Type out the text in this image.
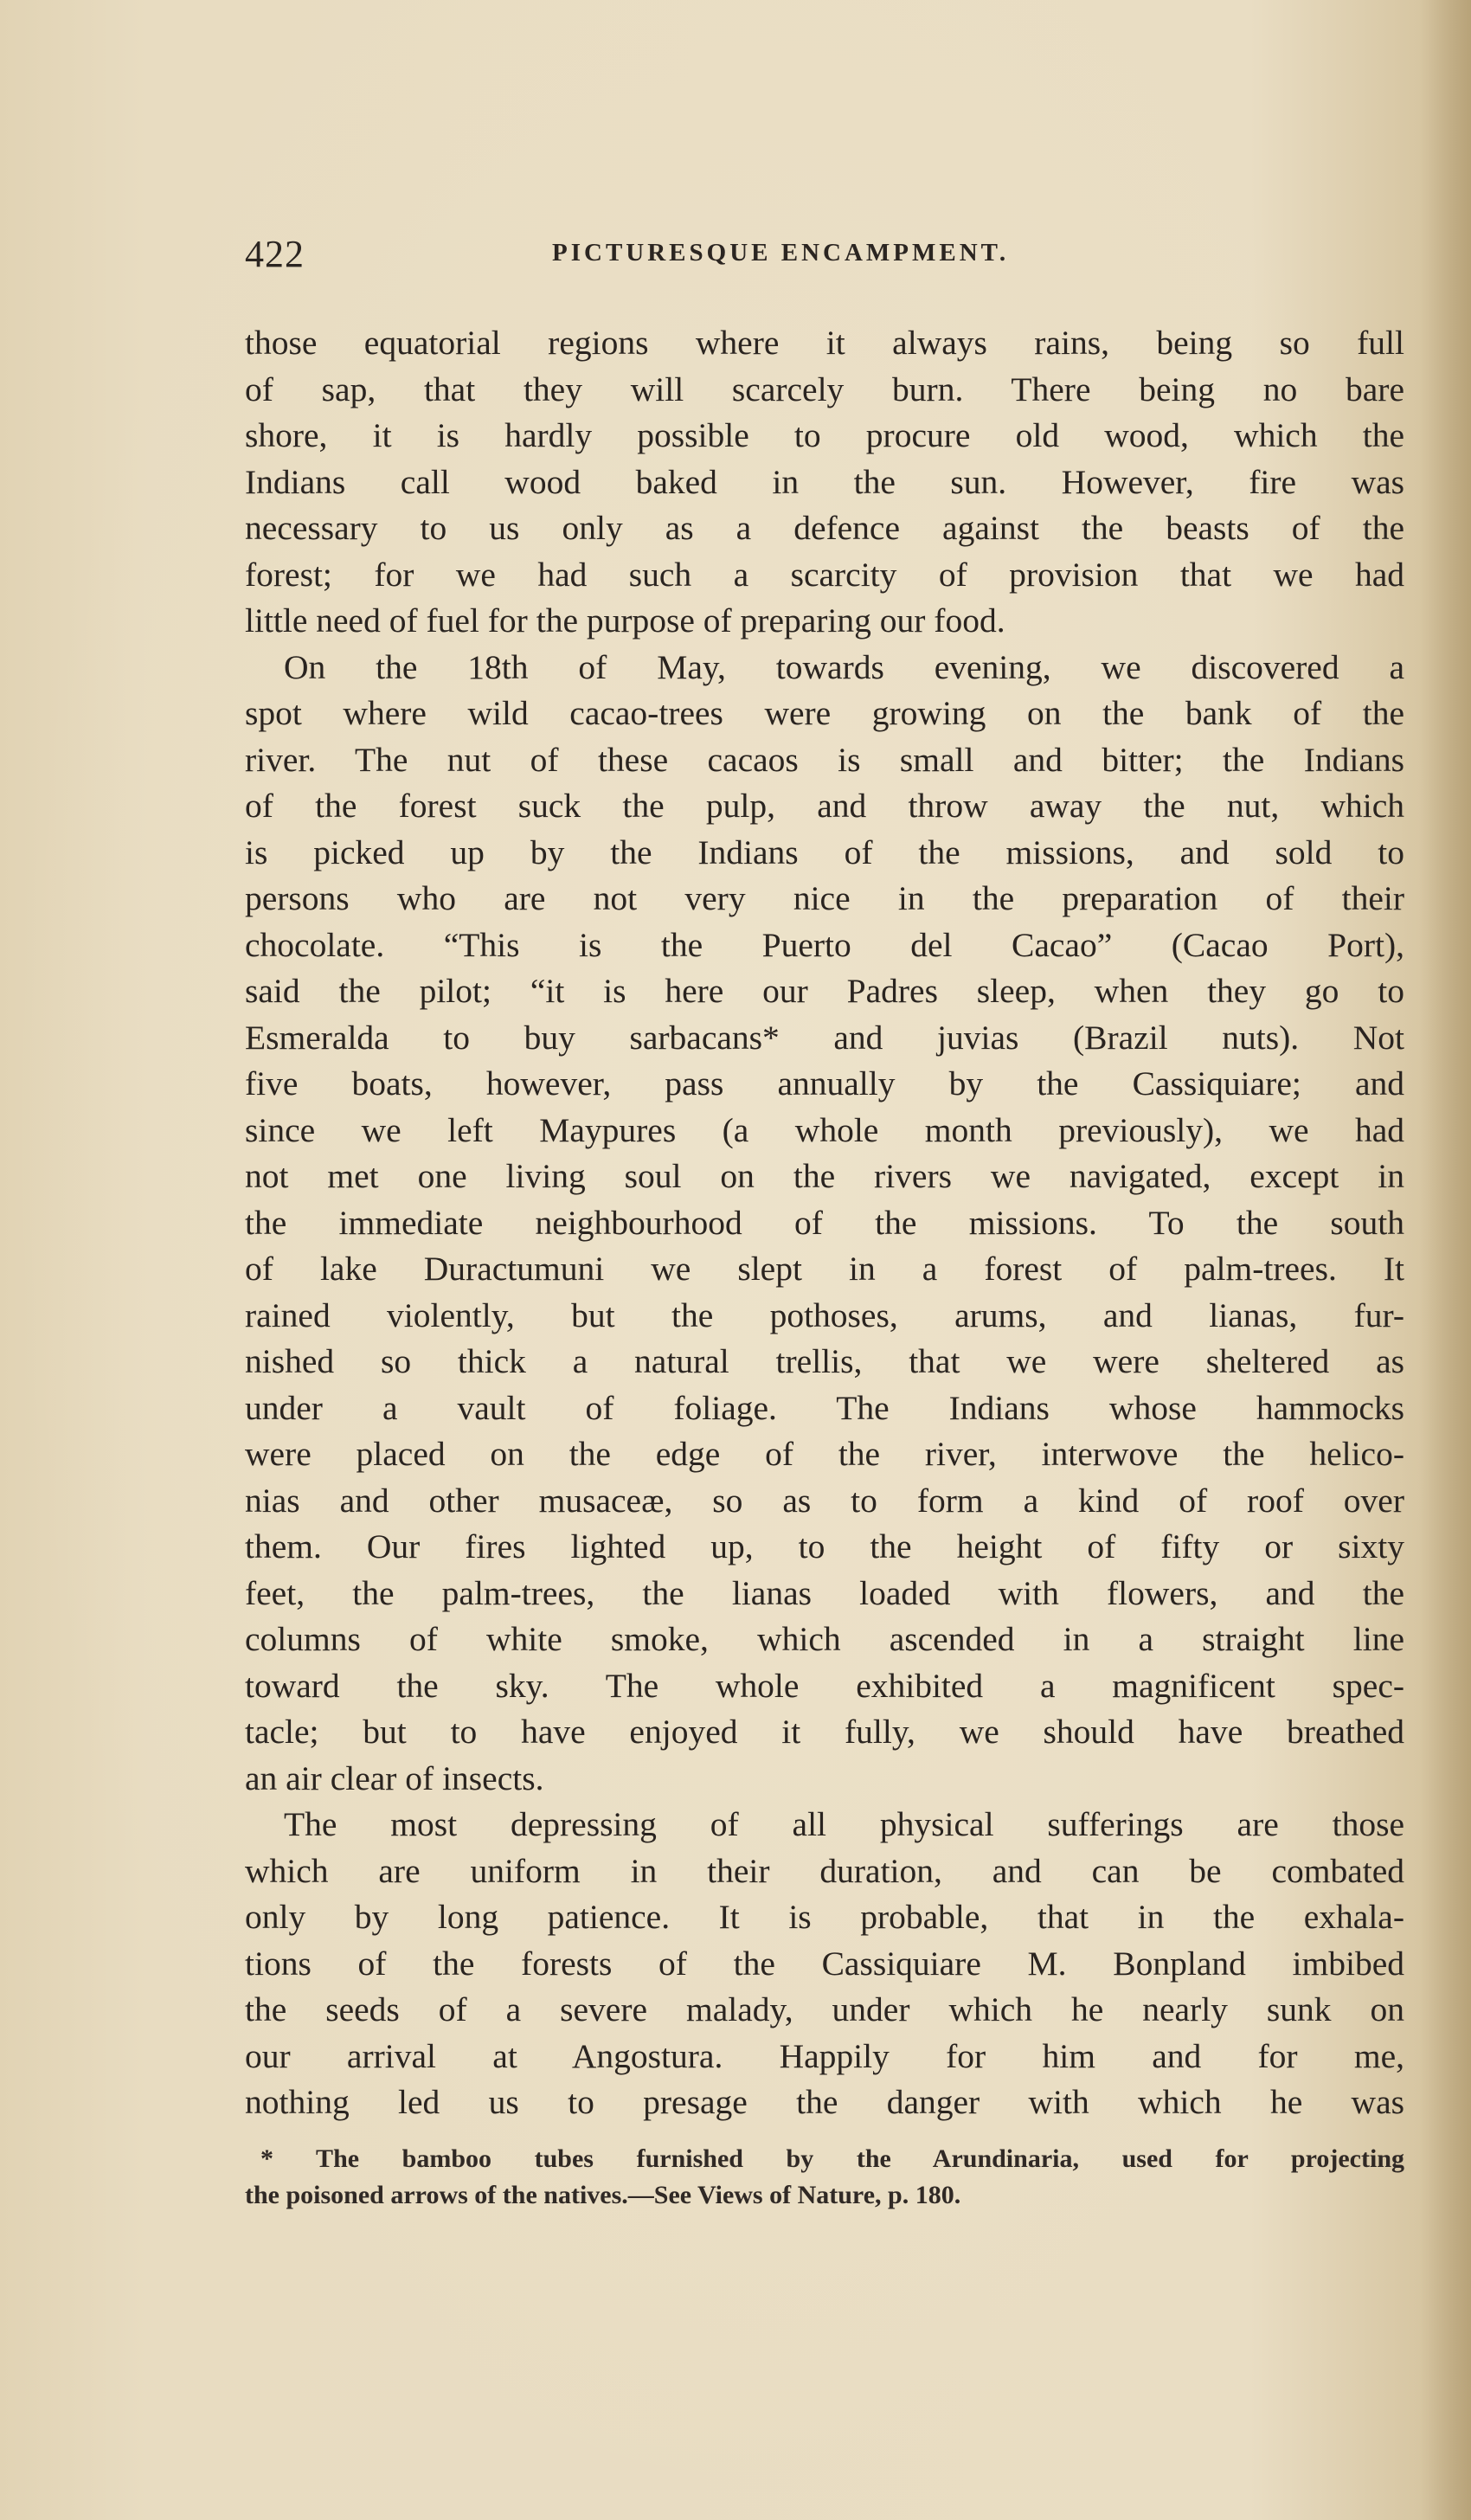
422	PICTURESQUE ENCAMPMENT.
those equatorial regions where it always rains, being so full
of sap, that they will scarcely burn. There being no bare
shore, it is hardly possible to procure old wood, which the
Indians call wood baked in the sun. However, fire was
necessary to us only as a defence against the beasts of the
forest; for we had such a scarcity of provision that we had
little need of fuel for the purpose of preparing our food.
On the 18th of May, towards evening, we discovered a
spot where wild cacao-trees were growing on the bank of the
river. The nut of these cacaos is small and bitter; the Indians
of the forest suck the pulp, and throw away the nut, which
is picked up by the Indians of the missions, and sold to
persons who are not very nice in the preparation of their
chocolate. “This is the Puerto del Cacao” (Cacao Port),
said the pilot; “it is here our Padres sleep, when they go to
Esmeralda to buy sarbacans* and juvias (Brazil nuts). Not
five boats, however, pass annually by the Cassiquiare; and
since we left Maypures (a whole month previously), we had
not met one living soul on the rivers we navigated, except in
the immediate neighbourhood of the missions. To the south
of lake Duractumuni we slept in a forest of palm-trees. It
rained violently, but the pothoses, arums, and lianas, fur-
nished so thick a natural trellis, that we were sheltered as
under a vault of foliage. The Indians whose hammocks
were placed on the edge of the river, interwove the helico-
nias and other musaceæ, so as to form a kind of roof over
them. Our fires lighted up, to the height of fifty or sixty
feet, the palm-trees, the lianas loaded with flowers, and the
columns of white smoke, which ascended in a straight line
toward the sky. The whole exhibited a magnificent spec-
tacle; but to have enjoyed it fully, we should have breathed
an air clear of insects.
The most depressing of all physical sufferings are those
which are uniform in their duration, and can be combated
only by long patience. It is probable, that in the exhala-
tions of the forests of the Cassiquiare M. Bonpland imbibed
the seeds of a severe malady, under which he nearly sunk on
our arrival at Angostura. Happily for him and for me,
nothing led us to presage the danger with which he was
* The bamboo tubes furnished by the Arundinaria, used for projecting
the poisoned arrows of the natives.—See Views of Nature, p. 180.
